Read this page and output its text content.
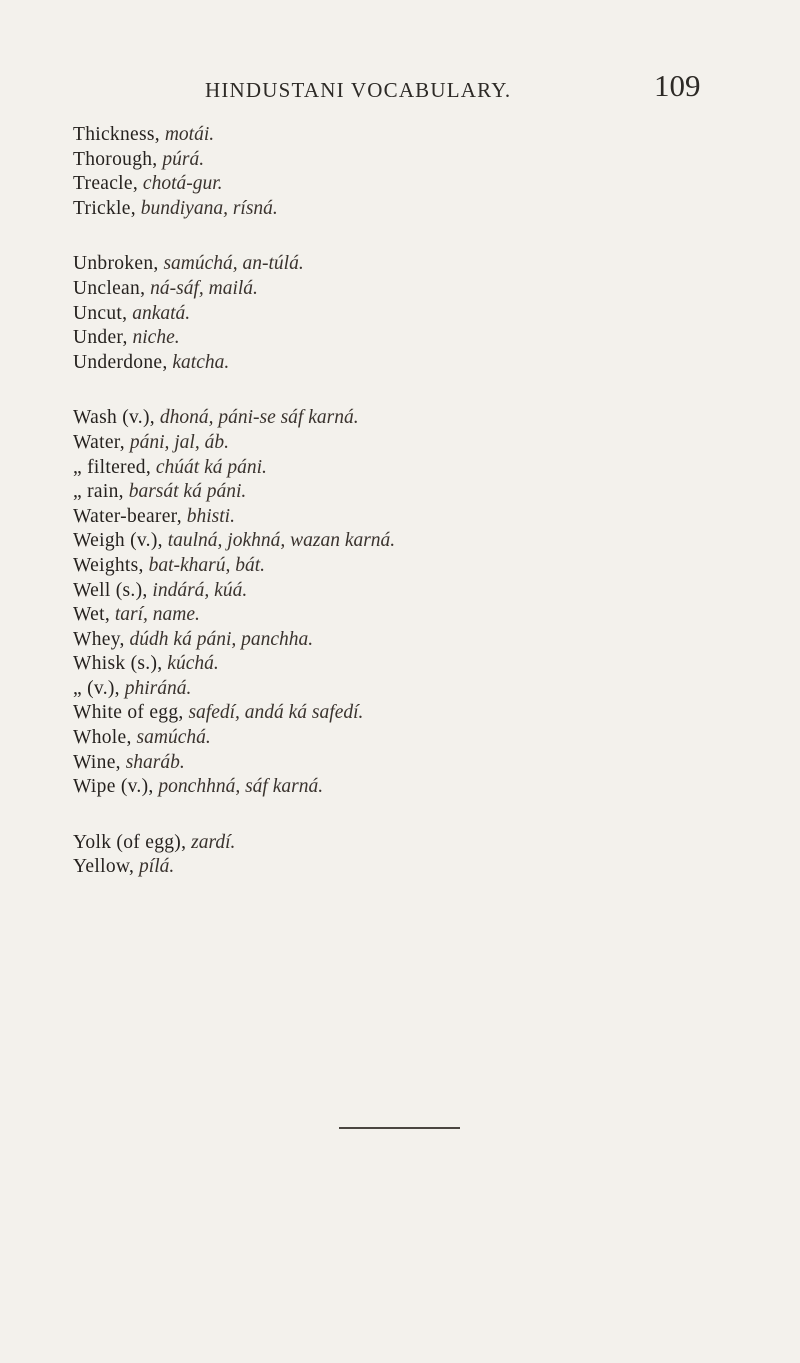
HINDUSTANI VOCABULARY.	109
Thickness, motái.
Thorough, púrá.
Treacle, chotá-gur.
Trickle, bundiyana, rísná.
Unbroken, samúchá, an-túlá.
Unclean, ná-sáf, mailá.
Uncut, ankatá.
Under, niche.
Underdone, katcha.
Wash (v.), dhoná, páni-se sáf karná.
Water, páni, jal, áb.
„ filtered, chúát ká páni.
„ rain, barsát ká páni.
Water-bearer, bhisti.
Weigh (v.), taulná, jokhná, wazan karná.
Weights, bat-kharú, bát.
Well (s.), indárá, kúá.
Wet, tarí, name.
Whey, dúdh ká páni, panchha.
Whisk (s.), kúchá.
„ (v.), phiráná.
White of egg, safedí, andá ká safedí.
Whole, samúchá.
Wine, sharáb.
Wipe (v.), ponchhná, sáf karná.
Yolk (of egg), zardí.
Yellow, pílá.
